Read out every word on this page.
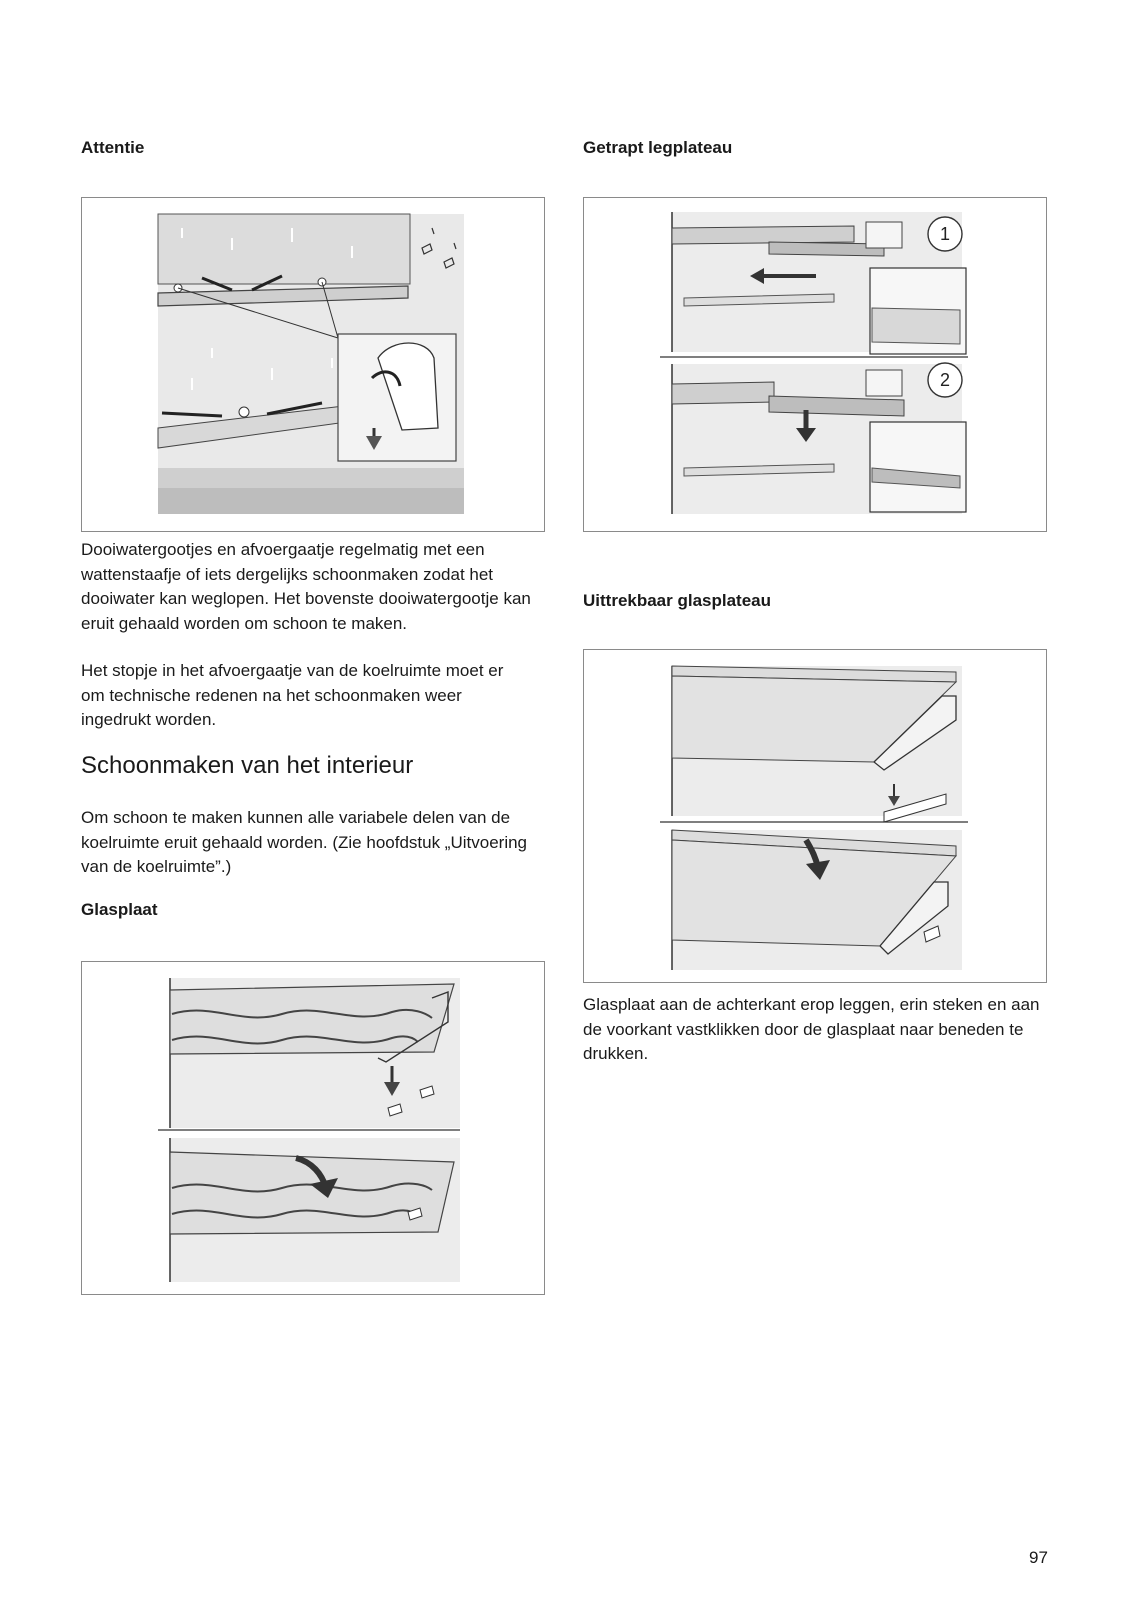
Attentie
Dooiwatergootjes en afvoergaatje regelmatig met een wattenstaafje of iets dergelijks schoonmaken zodat het dooiwater kan weglopen. Het bovenste dooiwatergootje kan eruit gehaald worden om schoon te maken.
Het stopje in het afvoergaatje van de koelruimte moet er om technische redenen na het schoonmaken weer ingedrukt worden.
Schoonmaken van het interieur
Om schoon te maken kunnen alle variabele delen van de koelruimte eruit gehaald worden. (Zie hoofdstuk „Uitvoering van de koelruimte”.)
Glasplaat
Getrapt legplateau
1
2
Uittrekbaar glasplateau
Glasplaat aan de achterkant erop leggen, erin steken en aan de voorkant vastklikken door de glasplaat naar beneden te drukken.
97
